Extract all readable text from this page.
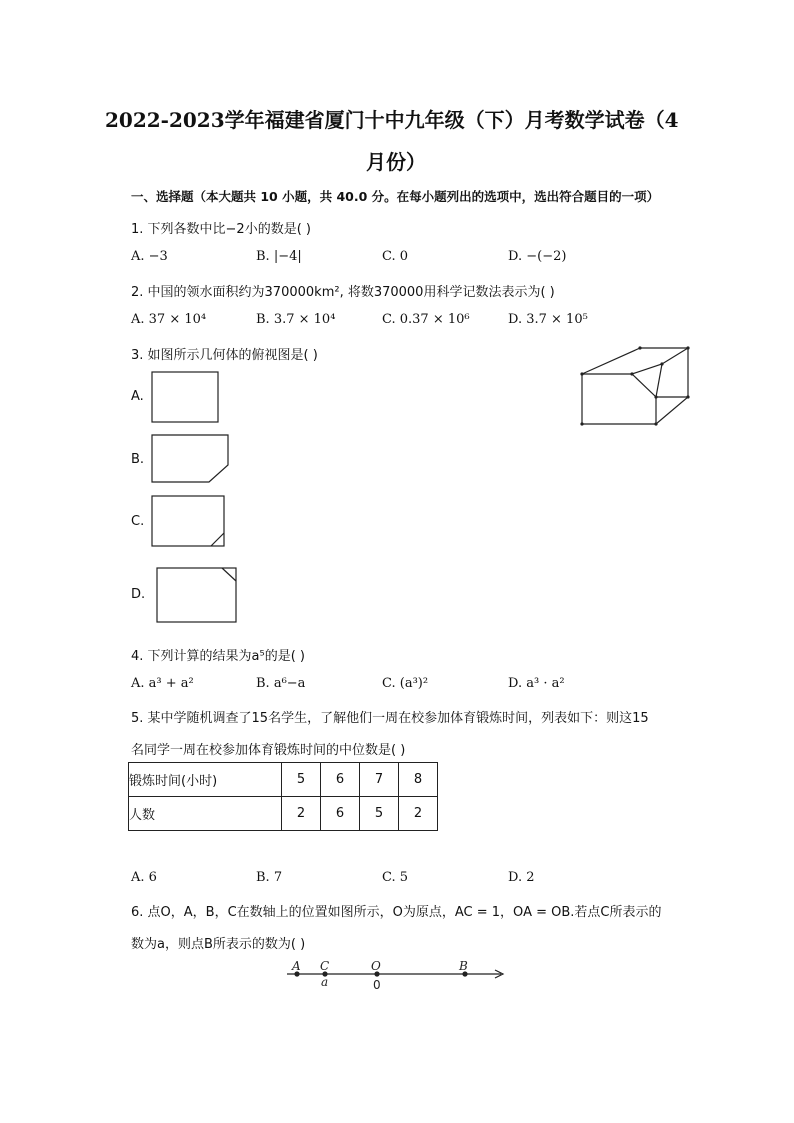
2022-2023学年福建省厦门十中九年级（下）月考数学试卷（4
月份）
一、选择题（本大题共 10 小题，共 40.0 分。在每小题列出的选项中，选出符合题目的一项）
1. 下列各数中比−2小的数是( )
A. −3	B. |−4|	C. 0	D. −(−2)
2. 中国的领水面积约为370000km², 将数370000用科学记数法表示为( )
A. 37 × 10⁴	B. 3.7 × 10⁴	C. 0.37 × 10⁶	D. 3.7 × 10⁵
3. 如图所示几何体的俯视图是( )
A.
B.
C.
D.
4. 下列计算的结果为a⁵的是( )
A. a³ + a²	B. a⁶−a	C. (a³)²	D. a³ · a²
5. 某中学随机调查了15名学生，了解他们一周在校参加体育锻炼时间，列表如下：则这15
名同学一周在校参加体育锻炼时间的中位数是( )
锻炼时间(小时)	5	6	7	8
人数	2	6	5	2
A. 6	B. 7	C. 5	D. 2
6. 点O，A，B，C在数轴上的位置如图所示，O为原点，AC = 1，OA = OB.若点C所表示的
数为a，则点B所表示的数为( )
A C	O	B
a	0
